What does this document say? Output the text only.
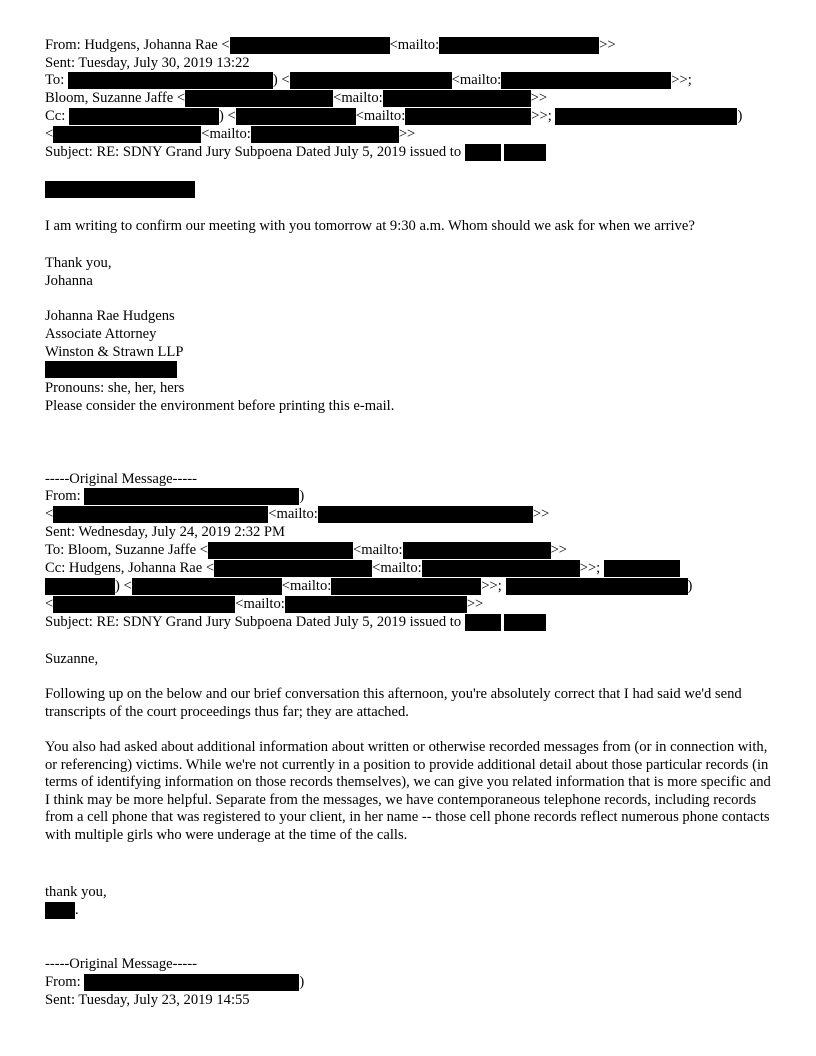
From: Hudgens, Johanna Rae <	<mailto:	>>
Sent: Tuesday, July 30, 2019 13:22
To:	) <	<mailto:	>>;
Bloom, Suzanne Jaffe <	<mailto:	>>
Cc:	) <	<mailto:	>>;	)
<	<mailto:	>>
Subject: RE: SDNY Grand Jury Subpoena Dated July 5, 2019 issued to
I am writing to confirm our meeting with you tomorrow at 9:30 a.m. Whom should we ask for when we arrive?
Thank you,
Johanna
Johanna Rae Hudgens
Associate Attorney
Winston & Strawn LLP
Pronouns: she, her, hers
Please consider the environment before printing this e-mail.
-----Original Message-----
From:	)
<	<mailto:	>>
Sent: Wednesday, July 24, 2019 2:32 PM
To: Bloom, Suzanne Jaffe <	<mailto:	>>
Cc: Hudgens, Johanna Rae <	<mailto:	>>;
) <	<mailto:	>>;	)
<	<mailto:	>>
Subject: RE: SDNY Grand Jury Subpoena Dated July 5, 2019 issued to
Suzanne,
Following up on the below and our brief conversation this afternoon, you're absolutely correct that I had said we'd send transcripts of the court proceedings thus far; they are attached.
You also had asked about additional information about written or otherwise recorded messages from (or in connection with, or referencing) victims. While we're not currently in a position to provide additional detail about those particular records (in terms of identifying information on those records themselves), we can give you related information that is more specific and I think may be more helpful. Separate from the messages, we have contemporaneous telephone records, including records from a cell phone that was registered to your client, in her name -- those cell phone records reflect numerous phone contacts with multiple girls who were underage at the time of the calls.
thank you,
.
-----Original Message-----
From:	)
Sent: Tuesday, July 23, 2019 14:55
